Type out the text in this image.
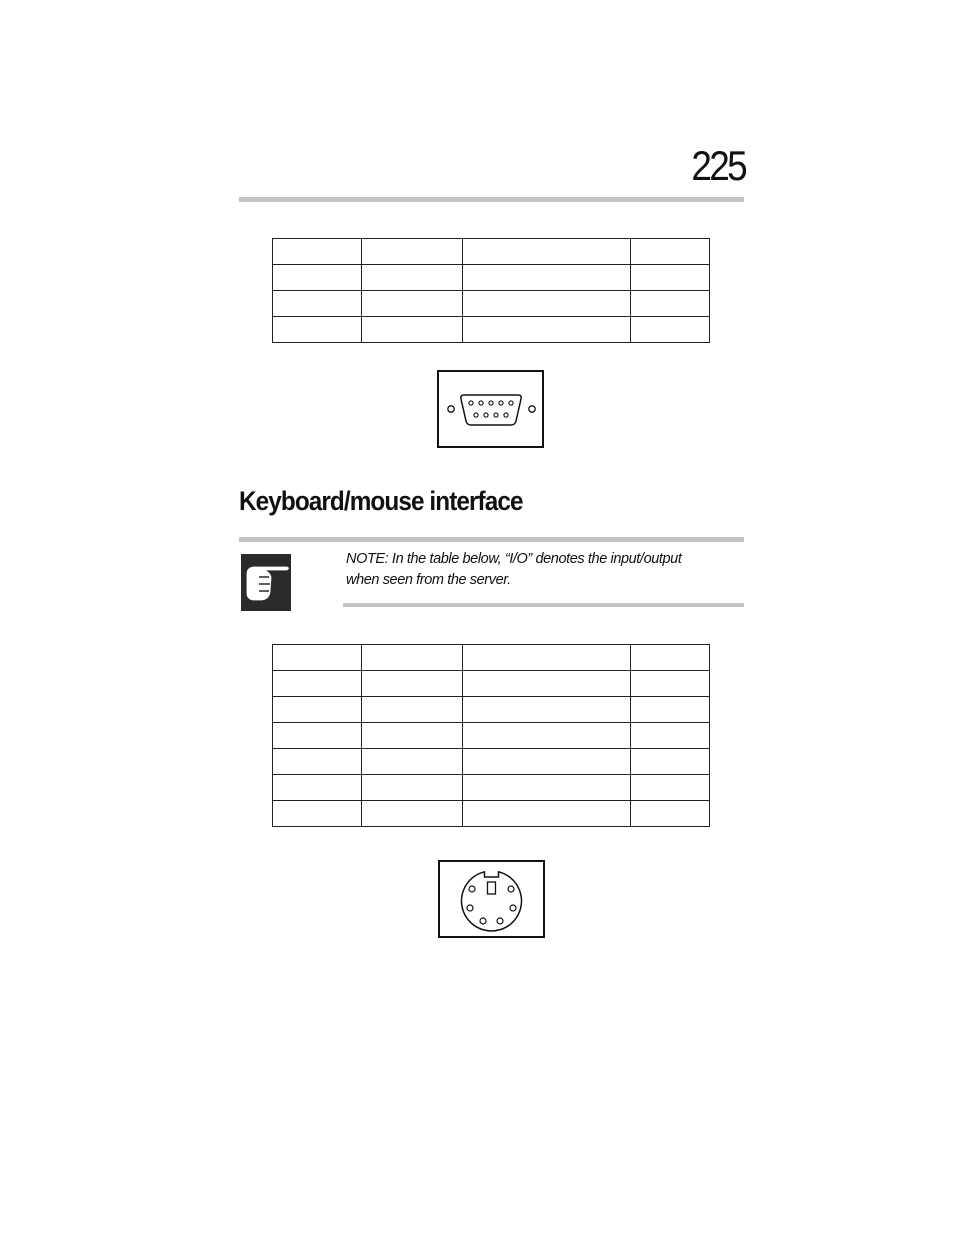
225

Keyboard/mouse interface
NOTE: In the table below, “I/O” denotes the input/output
when seen from the server.
